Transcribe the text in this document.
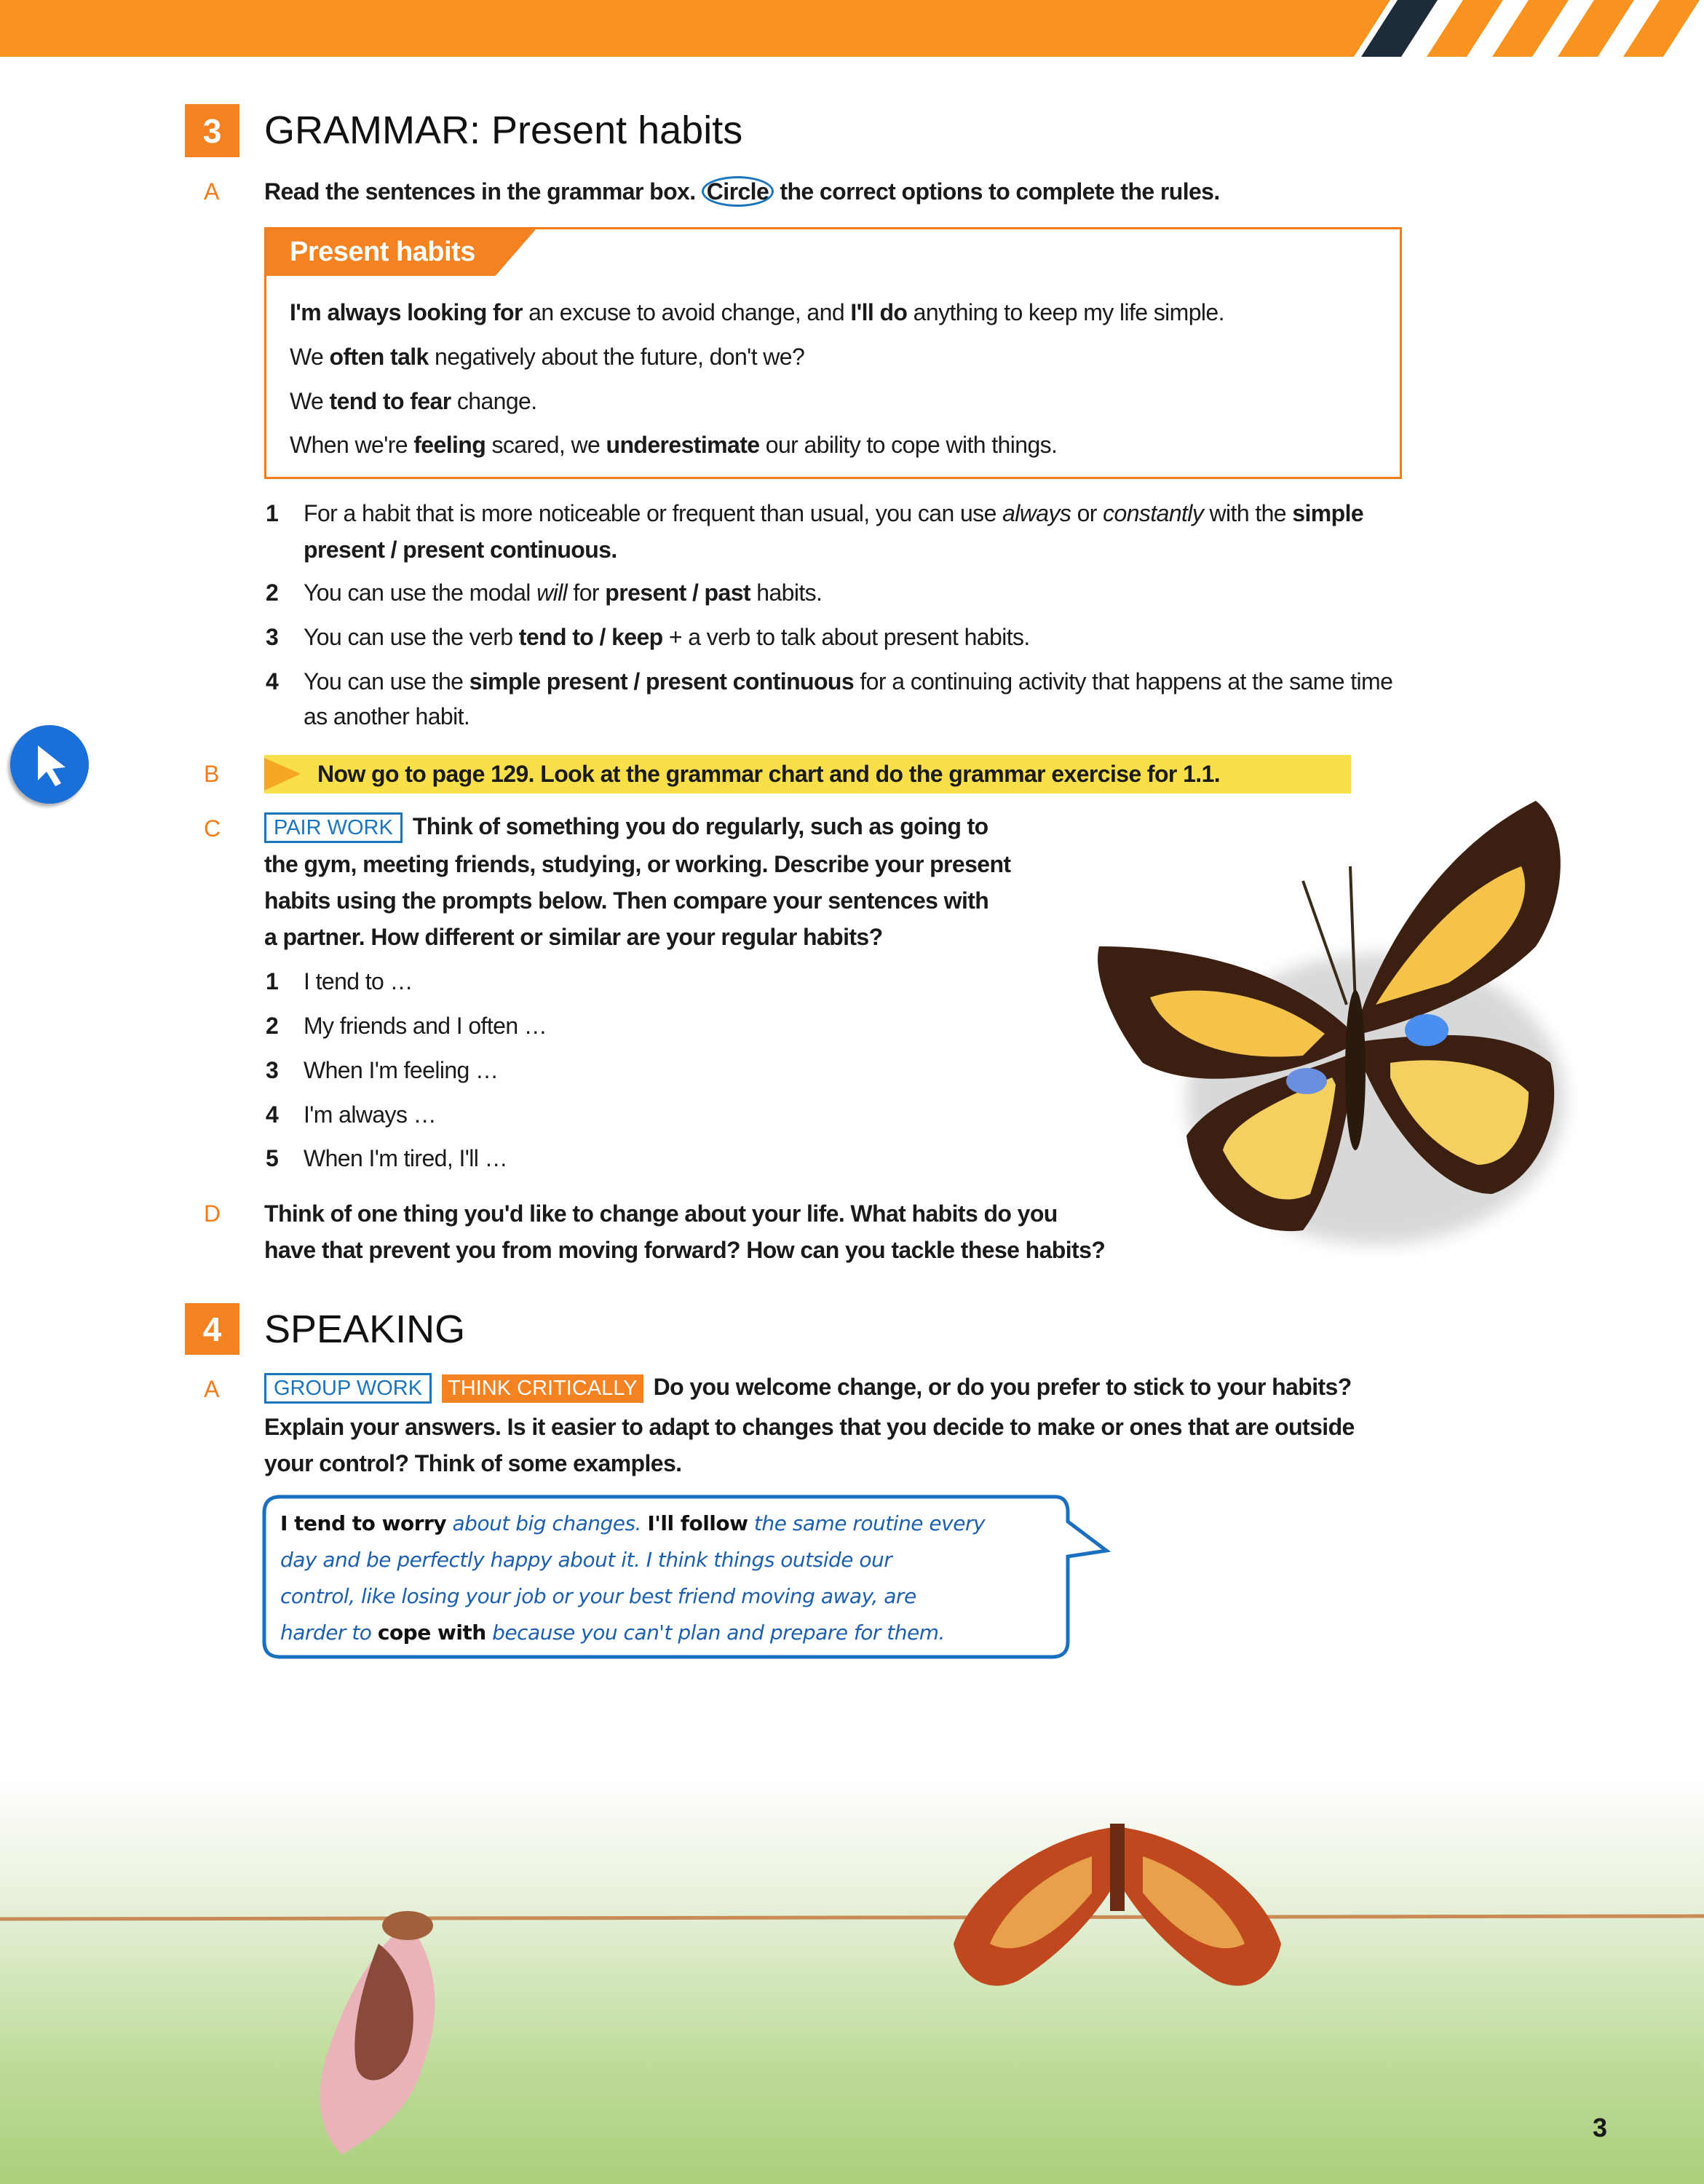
3	GRAMMAR: Present habits
A Read the sentences in the grammar box. Circle the correct options to complete the rules.
Present habits
I'm always looking for an excuse to avoid change, and I'll do anything to keep my life simple.
We often talk negatively about the future, don't we?
We tend to fear change.
When we're feeling scared, we underestimate our ability to cope with things.
1 For a habit that is more noticeable or frequent than usual, you can use always or constantly with the simple
present / present continuous.
2 You can use the modal will for present / past habits.
3 You can use the verb tend to / keep + a verb to talk about present habits.
4 You can use the simple present / present continuous for a continuing activity that happens at the same time
as another habit.
B	Now go to page 129. Look at the grammar chart and do the grammar exercise for 1.1.
C	PAIR WORK Think of something you do regularly, such as going to
the gym, meeting friends, studying, or working. Describe your present
habits using the prompts below. Then compare your sentences with
a partner. How different or similar are your regular habits?
1 I tend to …
2 My friends and I often …
3 When I'm feeling …
4 I'm always …
5 When I'm tired, I'll …
D Think of one thing you'd like to change about your life. What habits do you
have that prevent you from moving forward? How can you tackle these habits?
4	SPEAKING
A	GROUP WORK THINK CRITICALLY Do you welcome change, or do you prefer to stick to your habits?
Explain your answers. Is it easier to adapt to changes that you decide to make or ones that are outside
your control? Think of some examples.
I tend to worry about big changes. I'll follow the same routine every
day and be perfectly happy about it. I think things outside our
control, like losing your job or your best friend moving away, are
harder to cope with because you can't plan and prepare for them.
3
